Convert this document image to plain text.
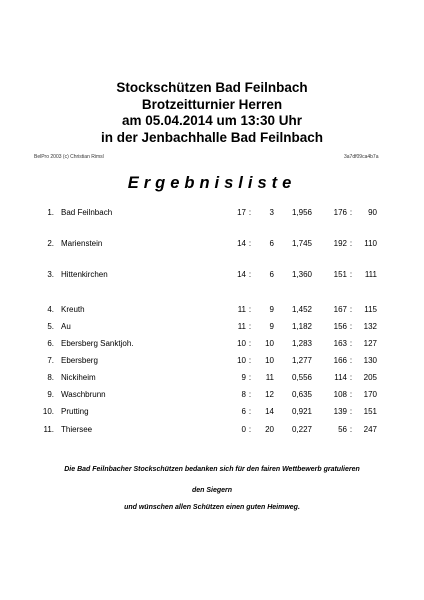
Stockschützen Bad Feilnbach
Brotzeitturnier Herren
am 05.04.2014 um 13:30 Uhr
in der Jenbachhalle Bad Feilnbach
BelPro 2003 (c) Christian Rimsl	3a7df09ca4b7a
Ergebnisliste
1. Bad Feilnbach	17 :	3	1,956	176 :	90
2. Marienstein	14 :	6	1,745	192 :	110
3. Hittenkirchen	14 :	6	1,360	151 :	111
4. Kreuth	11 :	9	1,452	167 :	115
5. Au	11 :	9	1,182	156 :	132
6. Ebersberg Sanktjoh.	10 :	10	1,283	163 :	127
7. Ebersberg	10 :	10	1,277	166 :	130
8. Nickiheim	9 :	11	0,556	114 :	205
9. Waschbrunn	8 :	12	0,635	108 :	170
10. Prutting	6 :	14	0,921	139 :	151
11. Thiersee	0 :	20	0,227	56 :	247
Die Bad Feilnbacher Stockschützen bedanken sich für den fairen Wettbewerb gratulieren
den Siegern
und wünschen allen Schützen einen guten Heimweg.
